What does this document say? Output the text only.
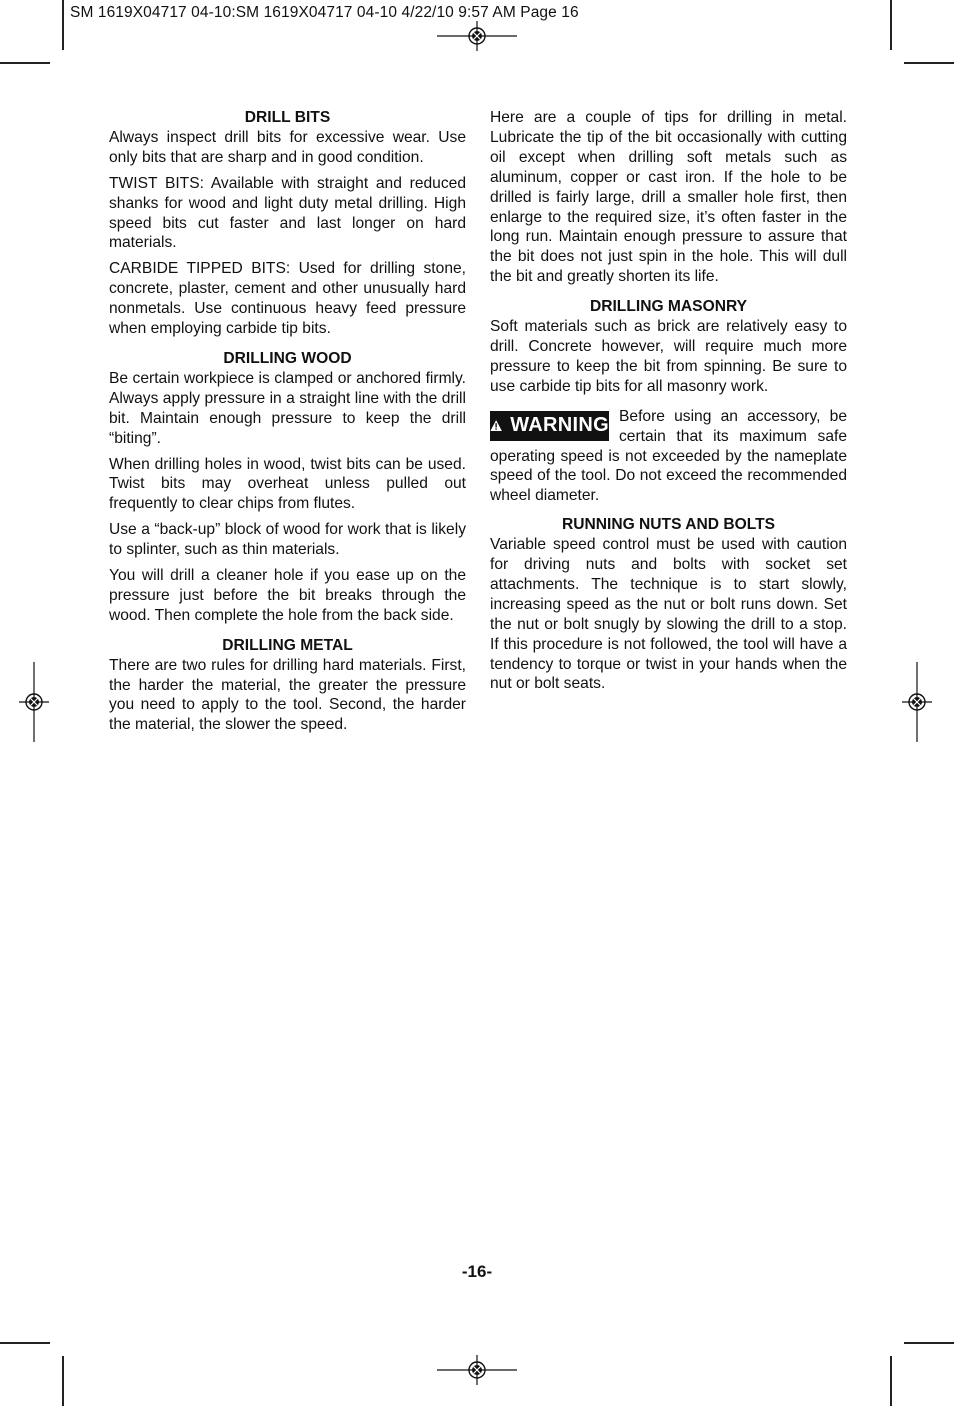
SM 1619X04717 04-10:SM 1619X04717 04-10 4/22/10 9:57 AM Page 16
DRILL BITS

Always inspect drill bits for excessive wear. Use only bits that are sharp and in good condition.

TWIST BITS: Available with straight and reduced shanks for wood and light duty metal drilling. High speed bits cut faster and last longer on hard materials.

CARBIDE TIPPED BITS: Used for drilling stone, concrete, plaster, cement and other unusually hard nonmetals. Use continuous heavy feed pressure when employing carbide tip bits.

DRILLING WOOD

Be certain workpiece is clamped or anchored firmly. Always apply pressure in a straight line with the drill bit. Maintain enough pressure to keep the drill “biting”.

When drilling holes in wood, twist bits can be used. Twist bits may overheat unless pulled out frequently to clear chips from flutes.

Use a “back-up” block of wood for work that is likely to splinter, such as thin materials.

You will drill a cleaner hole if you ease up on the pressure just before the bit breaks through the wood. Then complete the hole from the back side.

DRILLING METAL

There are two rules for drilling hard materials. First, the harder the material, the greater the pressure you need to apply to the tool. Second, the harder the material, the slower the speed.

Here are a couple of tips for drilling in metal. Lubricate the tip of the bit occasionally with cutting oil except when drilling soft metals such as aluminum, copper or cast iron. If the hole to be drilled is fairly large, drill a smaller hole first, then enlarge to the required size, it’s often faster in the long run. Maintain enough pressure to assure that the bit does not just spin in the hole. This will dull the bit and greatly shorten its life.

DRILLING MASONRY

Soft materials such as brick are relatively easy to drill. Concrete however, will require much more pressure to keep the bit from spinning. Be sure to use carbide tip bits for all masonry work.

WARNING Before using an accessory, be certain that its maximum safe operating speed is not exceeded by the nameplate speed of the tool. Do not exceed the recommended wheel diameter.
RUNNING NUTS AND BOLTS

Variable speed control must be used with caution for driving nuts and bolts with socket set attachments. The technique is to start slowly, increasing speed as the nut or bolt runs down. Set the nut or bolt snugly by slowing the drill to a stop. If this procedure is not followed, the tool will have a tendency to torque or twist in your hands when the nut or bolt seats.

-16-
